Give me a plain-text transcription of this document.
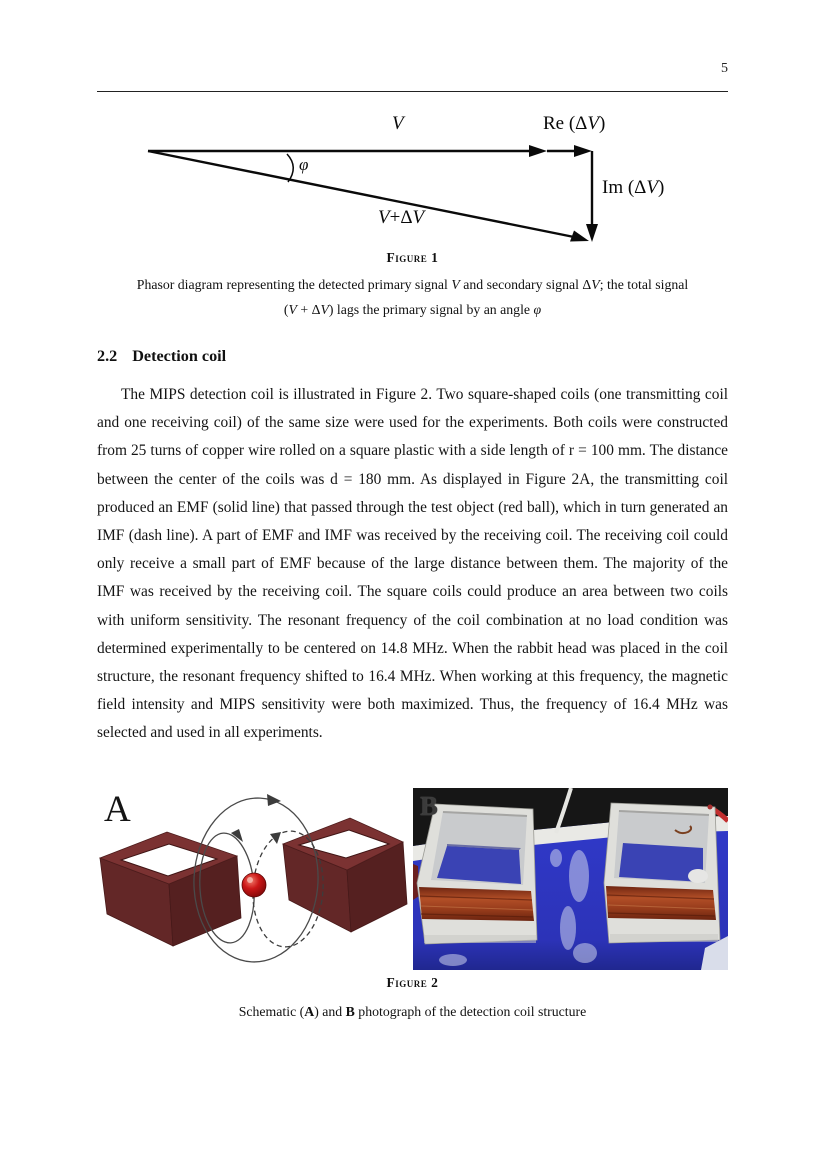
5
V	Re (ΔV)
Im (ΔV)
V+ΔV
φ
Figure 1
Phasor diagram representing the detected primary signal V and secondary signal ΔV; the total signal
(V + ΔV) lags the primary signal by an angle φ
2.2 Detection coil
The MIPS detection coil is illustrated in Figure 2. Two square-shaped coils (one transmitting coil and one receiving coil) of the same size were used for the experiments. Both coils were constructed from 25 turns of copper wire rolled on a square plastic with a side length of r = 100 mm. The distance between the center of the coils was d = 180 mm. As displayed in Figure 2A, the transmitting coil produced an EMF (solid line) that passed through the test object (red ball), which in turn generated an IMF (dash line). A part of EMF and IMF was received by the receiving coil. The receiving coil could only receive a small part of EMF because of the large distance between them. The majority of the IMF was received by the receiving coil. The square coils could produce an area between two coils with uniform sensitivity. The resonant frequency of the coil combination at no load condition was determined experimentally to be centered on 14.8 MHz. When the rabbit head was placed in the coil structure, the resonant frequency shifted to 16.4 MHz. When working at this frequency, the magnetic field intensity and MIPS sensitivity were both maximized. Thus, the frequency of 16.4 MHz was selected and used in all experiments.
A	B
Figure 2
Schematic (A) and B photograph of the detection coil structure
